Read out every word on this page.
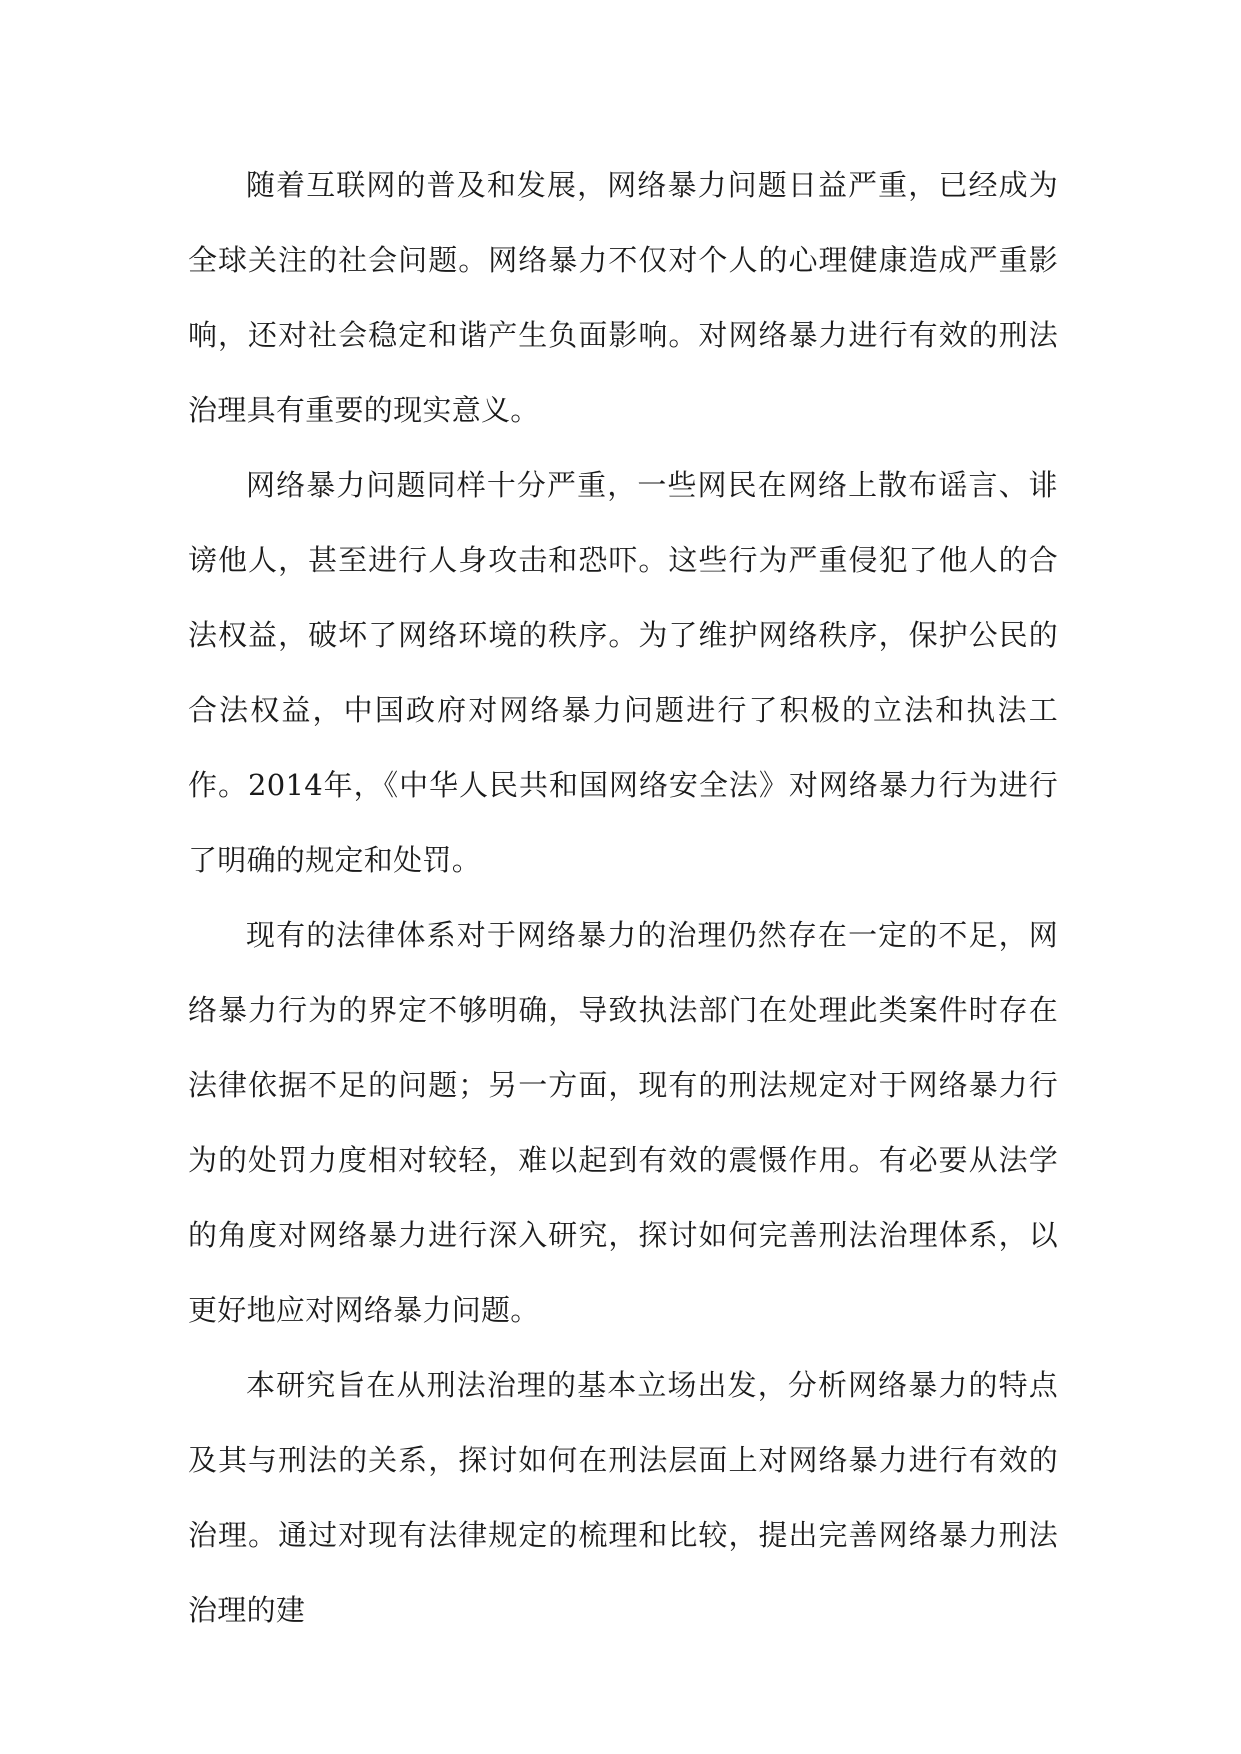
随着互联网的普及和发展，网络暴力问题日益严重，已经成为全球关注的社会问题。网络暴力不仅对个人的心理健康造成严重影响，还对社会稳定和谐产生负面影响。对网络暴力进行有效的刑法治理具有重要的现实意义。

网络暴力问题同样十分严重，一些网民在网络上散布谣言、诽谤他人，甚至进行人身攻击和恐吓。这些行为严重侵犯了他人的合法权益，破坏了网络环境的秩序。为了维护网络秩序，保护公民的合法权益，中国政府对网络暴力问题进行了积极的立法和执法工作。2014年，《中华人民共和国网络安全法》对网络暴力行为进行了明确的规定和处罚。

现有的法律体系对于网络暴力的治理仍然存在一定的不足，网络暴力行为的界定不够明确，导致执法部门在处理此类案件时存在法律依据不足的问题；另一方面，现有的刑法规定对于网络暴力行为的处罚力度相对较轻，难以起到有效的震慑作用。有必要从法学的角度对网络暴力进行深入研究，探讨如何完善刑法治理体系，以更好地应对网络暴力问题。

本研究旨在从刑法治理的基本立场出发，分析网络暴力的特点及其与刑法的关系，探讨如何在刑法层面上对网络暴力进行有效的治理。通过对现有法律规定的梳理和比较，提出完善网络暴力刑法治理的建
